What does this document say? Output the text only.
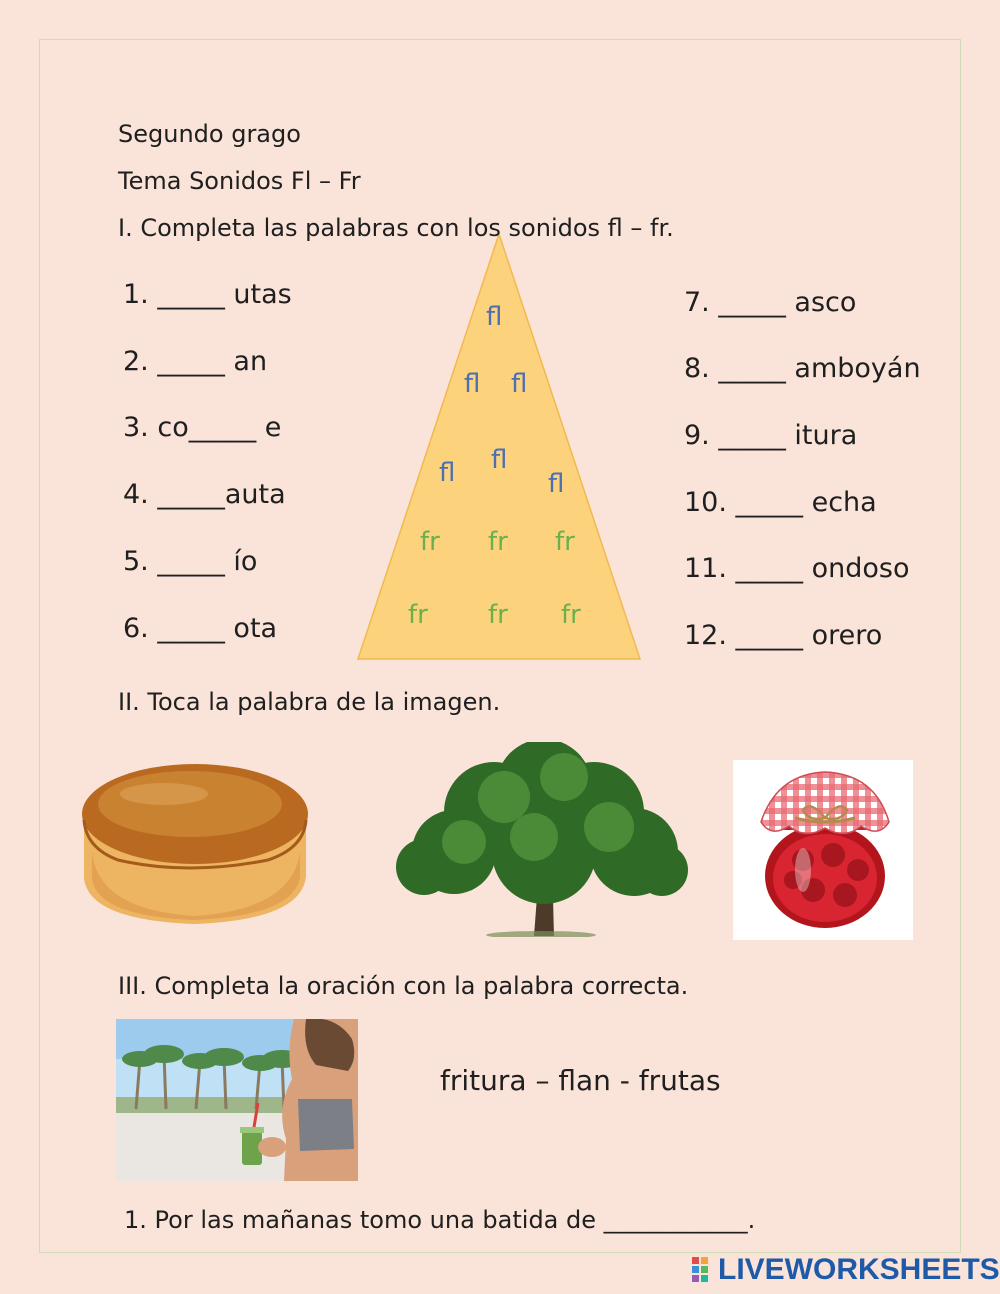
Segundo grago
Tema Sonidos Fl – Fr
fl
fl fl
fl
fl	fl
fr fr fr
fr fr fr
I. Completa las palabras con los sonidos fl – fr.
1. _____ utas
2. _____ an
3. co_____ e
4. _____auta
5. _____ ío
6. _____ ota
7. _____ asco
8. _____ amboyán
9. _____ itura
10. _____ echa
11. _____ ondoso
12. _____ orero
II. Toca la palabra de la imagen.
III. Completa la oración con la palabra correcta.
fritura – flan - frutas
1. Por las mañanas tomo una batida de ____________.
LIVEWORKSHEETS
